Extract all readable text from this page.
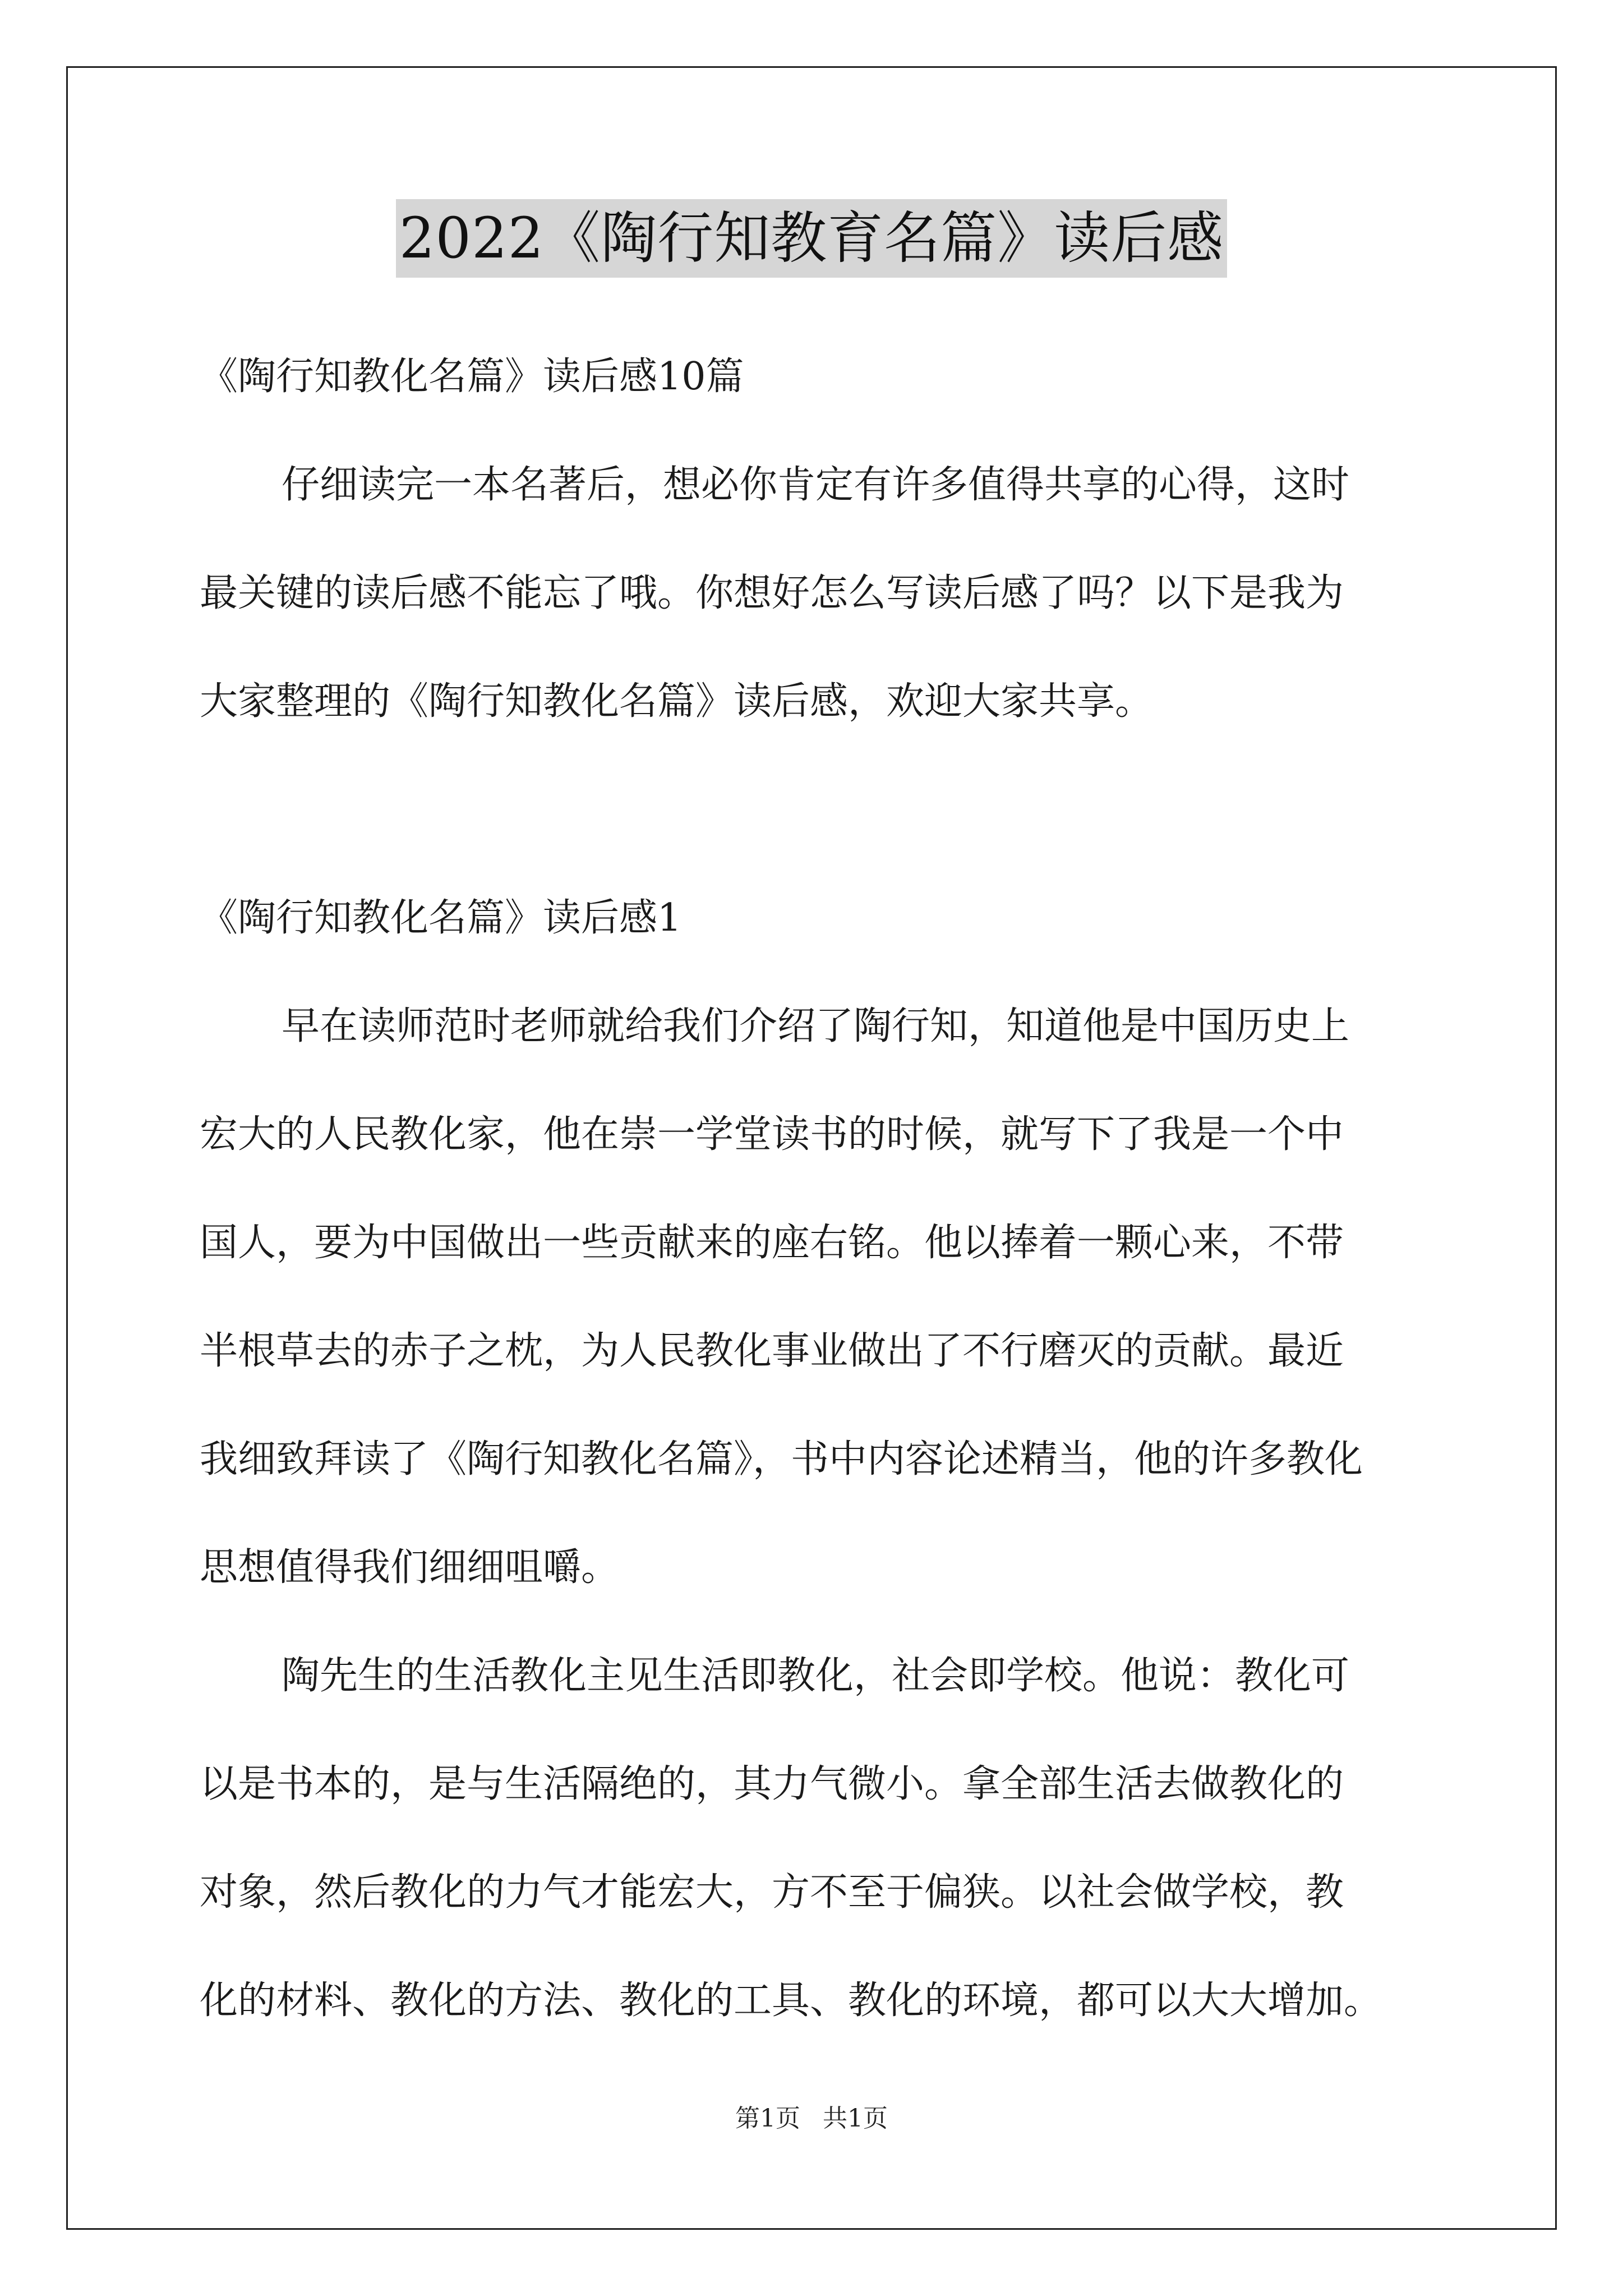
2022《陶行知教育名篇》读后感
《陶行知教化名篇》读后感10篇
仔细读完一本名著后，想必你肯定有许多值得共享的心得，这时
最关键的读后感不能忘了哦。你想好怎么写读后感了吗？以下是我为
大家整理的《陶行知教化名篇》读后感，欢迎大家共享。
《陶行知教化名篇》读后感1
早在读师范时老师就给我们介绍了陶行知，知道他是中国历史上
宏大的人民教化家，他在崇一学堂读书的时候，就写下了我是一个中
国人，要为中国做出一些贡献来的座右铭。他以捧着一颗心来，不带
半根草去的赤子之枕，为人民教化事业做出了不行磨灭的贡献。最近
我细致拜读了《陶行知教化名篇》，书中内容论述精当，他的许多教化
思想值得我们细细咀嚼。
陶先生的生活教化主见生活即教化，社会即学校。他说：教化可
以是书本的，是与生活隔绝的，其力气微小。拿全部生活去做教化的
对象，然后教化的力气才能宏大，方不至于偏狭。以社会做学校，教
化的材料、教化的方法、教化的工具、教化的环境，都可以大大增加。
第1页 共1页
